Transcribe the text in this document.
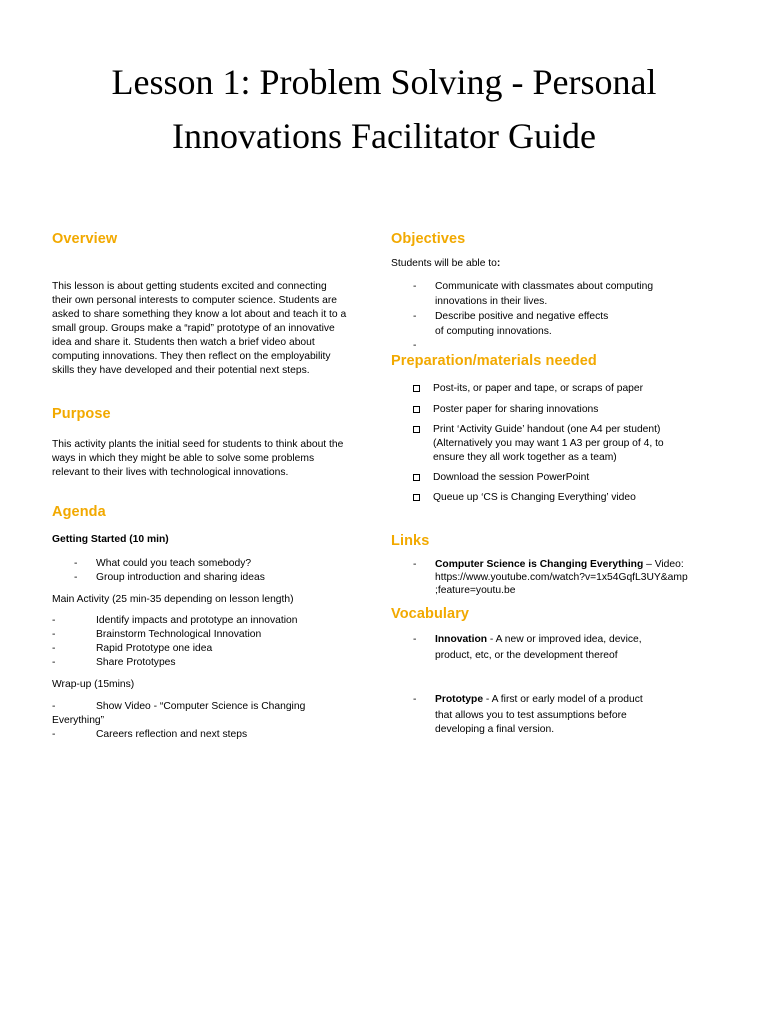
Lesson 1: Problem Solving - Personal
Innovations Facilitator Guide
Overview
This lesson is about getting students excited and connecting
their own personal interests to computer science. Students are
asked to share something they know a lot about and teach it to a
small group. Groups make a “rapid” prototype of an innovative
idea and share it. Students then watch a brief video about
computing innovations. They then reflect on the employability
skills they have developed and their potential next steps.
Purpose
This activity plants the initial seed for students to think about the
ways in which they might be able to solve some problems
relevant to their lives with technological innovations.
Agenda
Getting Started (10 min)
- What could you teach somebody?
- Group introduction and sharing ideas
Main Activity (25 min-35 depending on lesson length)
-	Identify impacts and prototype an innovation
-	Brainstorm Technological Innovation
-	Rapid Prototype one idea
-	Share Prototypes
Wrap-up (15mins)
-	Show Video - “Computer Science is Changing
Everything”
-	Careers reflection and next steps
Objectives
Students will be able to:
- Communicate with classmates about computing
innovations in their lives.
- Describe positive and negative effects
of computing innovations.
-
Preparation/materials needed
Post-its, or paper and tape, or scraps of paper
Poster paper for sharing innovations
Print ‘Activity Guide’ handout (one A4 per student)
(Alternatively you may want 1 A3 per group of 4, to
ensure they all work together as a team)
Download the session PowerPoint
Queue up ‘CS is Changing Everything’ video
Links
- Computer Science is Changing Everything – Video:
https://www.youtube.com/watch?v=1x54GqfL3UY&amp
;feature=youtu.be
Vocabulary
- Innovation - A new or improved idea, device,
product, etc, or the development thereof
- Prototype - A first or early model of a product
that allows you to test assumptions before
developing a final version.
